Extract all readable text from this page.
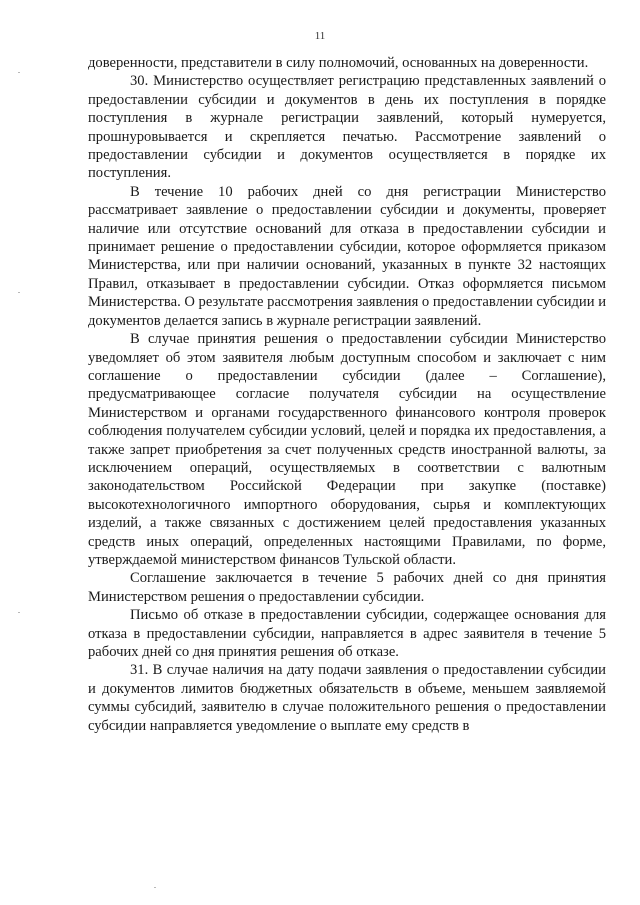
11

доверенности, представители в силу полномочий, основанных на доверенности.

30. Министерство осуществляет регистрацию представленных заявлений о предоставлении субсидии и документов в день их поступления в порядке поступления в журнале регистрации заявлений, который нумеруется, прошнуровывается и скрепляется печатью. Рассмотрение заявлений о предоставлении субсидии и документов осуществляется в порядке их поступления.

В течение 10 рабочих дней со дня регистрации Министерство рассматривает заявление о предоставлении субсидии и документы, проверяет наличие или отсутствие оснований для отказа в предоставлении субсидии и принимает решение о предоставлении субсидии, которое оформляется приказом Министерства, или при наличии оснований, указанных в пункте 32 настоящих Правил, отказывает в предоставлении субсидии. Отказ оформляется письмом Министерства. О результате рассмотрения заявления о предоставлении субсидии и документов делается запись в журнале регистрации заявлений.

В случае принятия решения о предоставлении субсидии Министерство уведомляет об этом заявителя любым доступным способом и заключает с ним соглашение о предоставлении субсидии (далее – Соглашение), предусматривающее согласие получателя субсидии на осуществление Министерством и органами государственного финансового контроля проверок соблюдения получателем субсидии условий, целей и порядка их предоставления, а также запрет приобретения за счет полученных средств иностранной валюты, за исключением операций, осуществляемых в соответствии с валютным законодательством Российской Федерации при закупке (поставке) высокотехнологичного импортного оборудования, сырья и комплектующих изделий, а также связанных с достижением целей предоставления указанных средств иных операций, определенных настоящими Правилами, по форме, утверждаемой министерством финансов Тульской области.

Соглашение заключается в течение 5 рабочих дней со дня принятия Министерством решения о предоставлении субсидии.

Письмо об отказе в предоставлении субсидии, содержащее основания для отказа в предоставлении субсидии, направляется в адрес заявителя в течение 5 рабочих дней со дня принятия решения об отказе.

31. В случае наличия на дату подачи заявления о предоставлении субсидии и документов лимитов бюджетных обязательств в объеме, меньшем заявляемой суммы субсидий, заявителю в случае положительного решения о предоставлении субсидии направляется уведомление о выплате ему средств в
